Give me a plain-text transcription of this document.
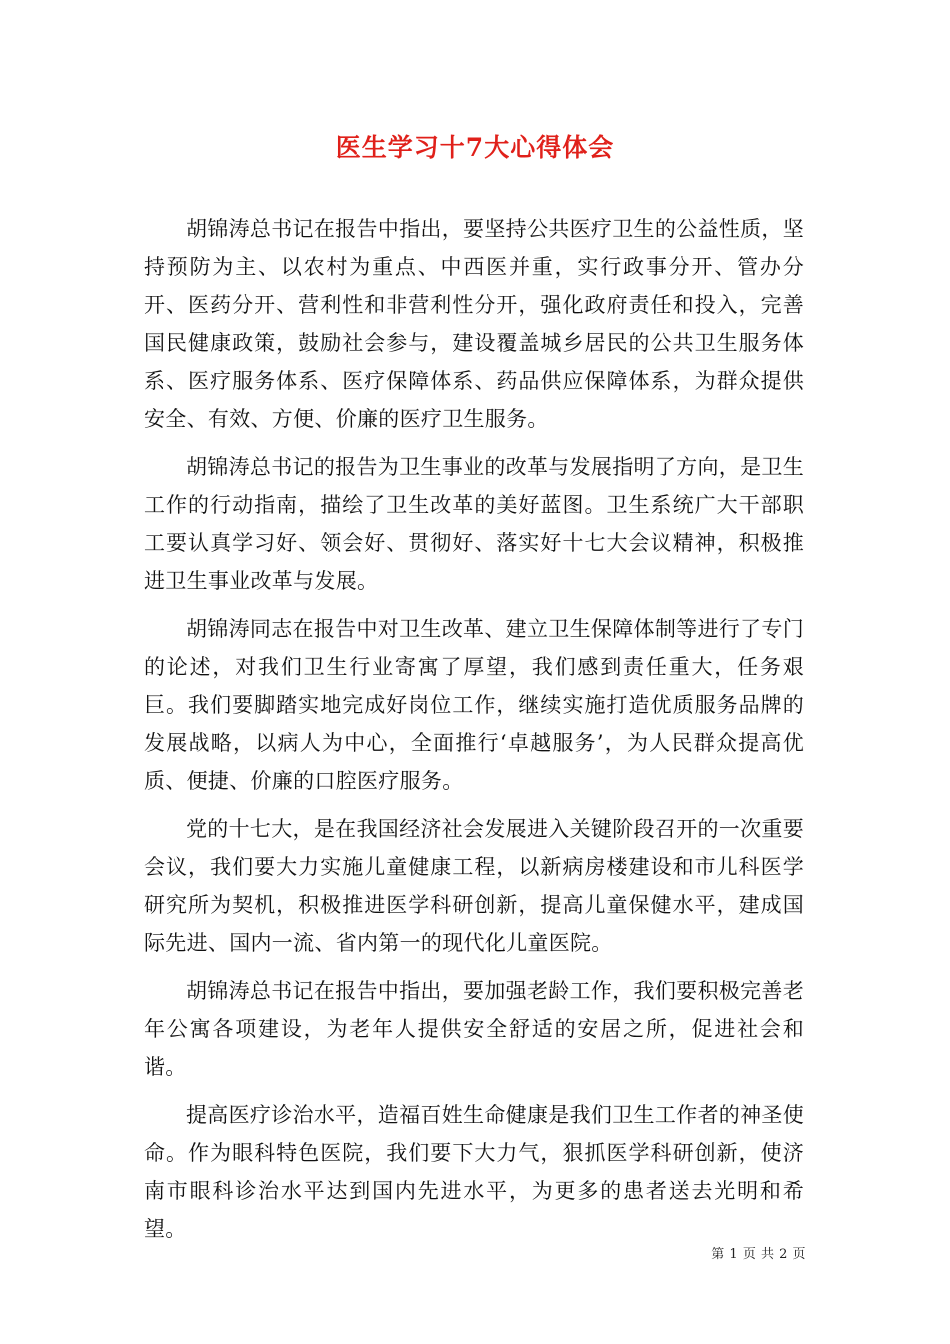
医生学习十7大心得体会

胡锦涛总书记在报告中指出，要坚持公共医疗卫生的公益性质，坚持预防为主、以农村为重点、中西医并重，实行政事分开、管办分开、医药分开、营利性和非营利性分开，强化政府责任和投入，完善国民健康政策，鼓励社会参与，建设覆盖城乡居民的公共卫生服务体系、医疗服务体系、医疗保障体系、药品供应保障体系，为群众提供安全、有效、方便、价廉的医疗卫生服务。

胡锦涛总书记的报告为卫生事业的改革与发展指明了方向，是卫生工作的行动指南，描绘了卫生改革的美好蓝图。卫生系统广大干部职工要认真学习好、领会好、贯彻好、落实好十七大会议精神，积极推进卫生事业改革与发展。

胡锦涛同志在报告中对卫生改革、建立卫生保障体制等进行了专门的论述，对我们卫生行业寄寓了厚望，我们感到责任重大，任务艰巨。我们要脚踏实地完成好岗位工作，继续实施打造优质服务品牌的发展战略，以病人为中心，全面推行‘卓越服务’，为人民群众提高优质、便捷、价廉的口腔医疗服务。

党的十七大，是在我国经济社会发展进入关键阶段召开的一次重要会议，我们要大力实施儿童健康工程，以新病房楼建设和市儿科医学研究所为契机，积极推进医学科研创新，提高儿童保健水平，建成国际先进、国内一流、省内第一的现代化儿童医院。

胡锦涛总书记在报告中指出，要加强老龄工作，我们要积极完善老年公寓各项建设，为老年人提供安全舒适的安居之所，促进社会和谐。

提高医疗诊治水平，造福百姓生命健康是我们卫生工作者的神圣使命。作为眼科特色医院，我们要下大力气，狠抓医学科研创新，使济南市眼科诊治水平达到国内先进水平，为更多的患者送去光明和希望。

第 1 页 共 2 页
